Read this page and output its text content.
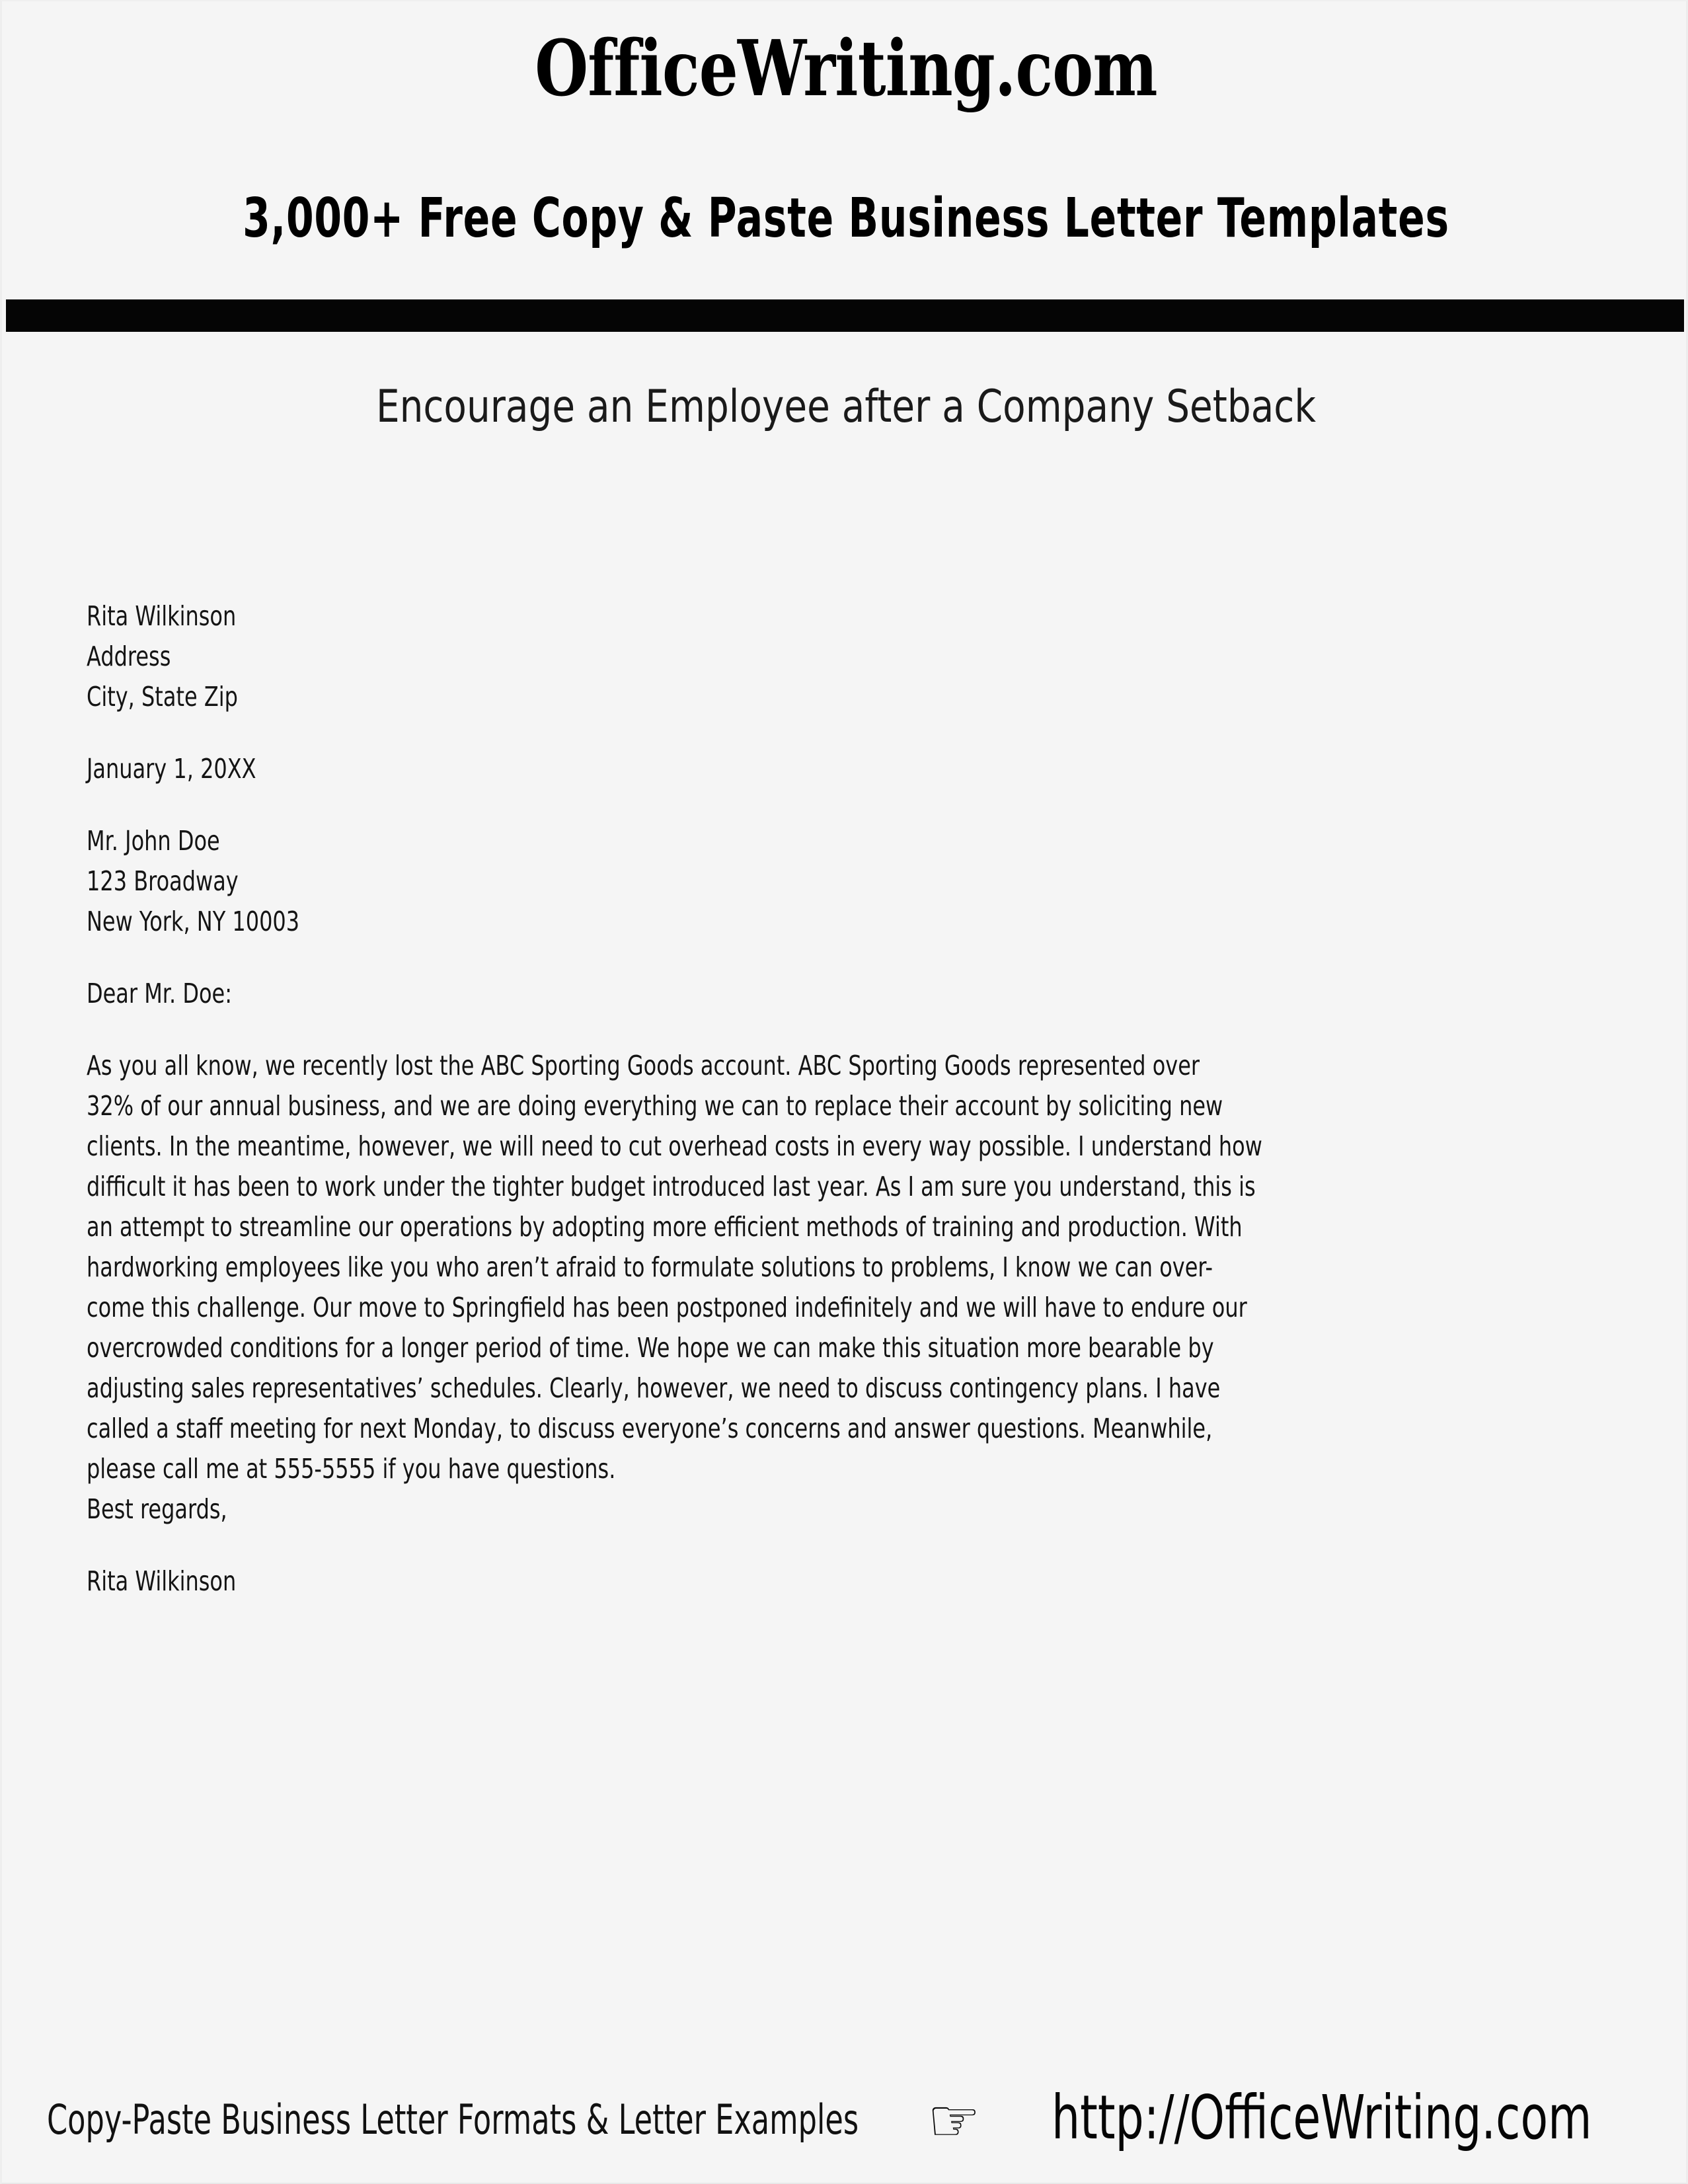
OfficeWriting.com
3,000+ Free Copy & Paste Business Letter Templates
Encourage an Employee after a Company Setback
Rita Wilkinson
Address
City, State Zip
January 1, 20XX
Mr. John Doe
123 Broadway
New York, NY 10003
Dear Mr. Doe:
As you all know, we recently lost the ABC Sporting Goods account. ABC Sporting Goods represented over
32% of our annual business, and we are doing everything we can to replace their account by soliciting new
clients. In the meantime, however, we will need to cut overhead costs in every way possible. I understand how
difficult it has been to work under the tighter budget introduced last year. As I am sure you understand, this is
an attempt to streamline our operations by adopting more efficient methods of training and production. With
hardworking employees like you who aren’t afraid to formulate solutions to problems, I know we can over-
come this challenge. Our move to Springfield has been postponed indefinitely and we will have to endure our
overcrowded conditions for a longer period of time. We hope we can make this situation more bearable by
adjusting sales representatives’ schedules. Clearly, however, we need to discuss contingency plans. I have
called a staff meeting for next Monday, to discuss everyone’s concerns and answer questions. Meanwhile,
please call me at 555-5555 if you have questions.
Best regards,
Rita Wilkinson
Copy-Paste Business Letter Formats & Letter Examples ☞ http://OfficeWriting.com
